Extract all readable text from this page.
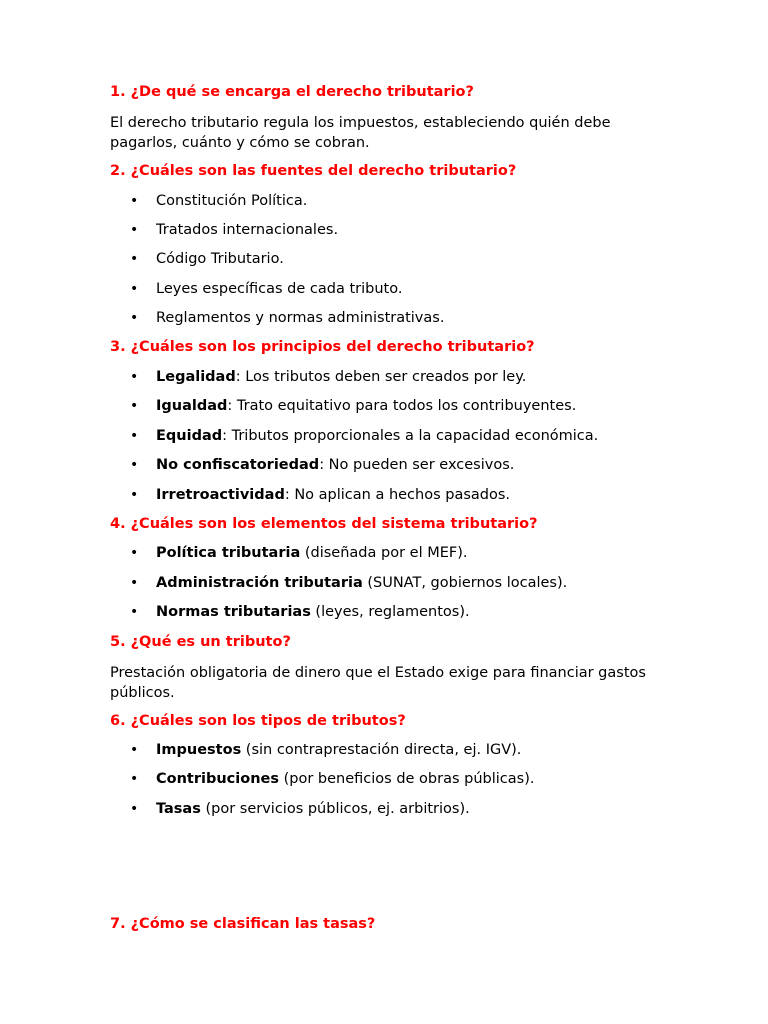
1. ¿De qué se encarga el derecho tributario?

El derecho tributario regula los impuestos, estableciendo quién debe pagarlos, cuánto y cómo se cobran.

2. ¿Cuáles son las fuentes del derecho tributario?

• Constitución Política.
• Tratados internacionales.
• Código Tributario.
• Leyes específicas de cada tributo.
• Reglamentos y normas administrativas.

3. ¿Cuáles son los principios del derecho tributario?

• Legalidad: Los tributos deben ser creados por ley.
• Igualdad: Trato equitativo para todos los contribuyentes.
• Equidad: Tributos proporcionales a la capacidad económica.
• No confiscatoriedad: No pueden ser excesivos.
• Irretroactividad: No aplican a hechos pasados.

4. ¿Cuáles son los elementos del sistema tributario?

• Política tributaria (diseñada por el MEF).
• Administración tributaria (SUNAT, gobiernos locales).
• Normas tributarias (leyes, reglamentos).

5. ¿Qué es un tributo?

Prestación obligatoria de dinero que el Estado exige para financiar gastos públicos.

6. ¿Cuáles son los tipos de tributos?

• Impuestos (sin contraprestación directa, ej. IGV).
• Contribuciones (por beneficios de obras públicas).
• Tasas (por servicios públicos, ej. arbitrios).

7. ¿Cómo se clasifican las tasas?
